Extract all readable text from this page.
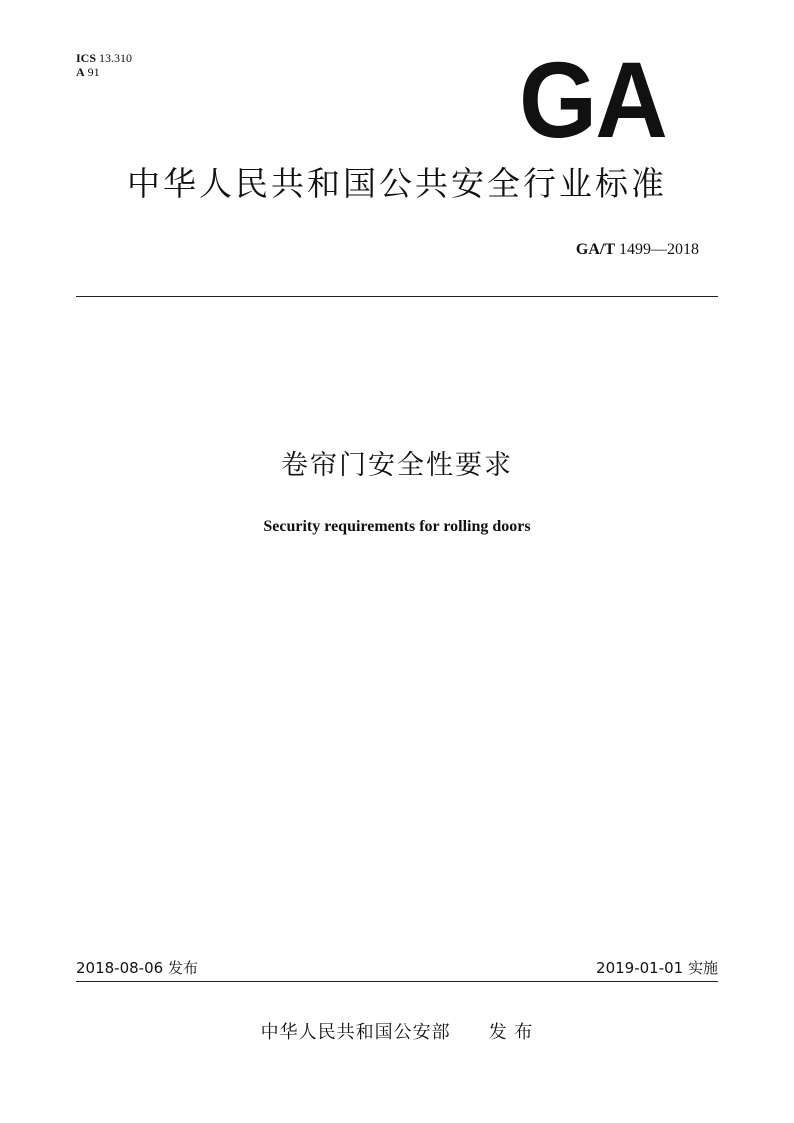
ICS 13.310
A 91	GA
中华人民共和国公共安全行业标准
GA/T 1499—2018
卷帘门安全性要求
Security requirements for rolling doors
2018-08-06 发布	2019-01-01 实施
中华人民共和国公安部 发 布
